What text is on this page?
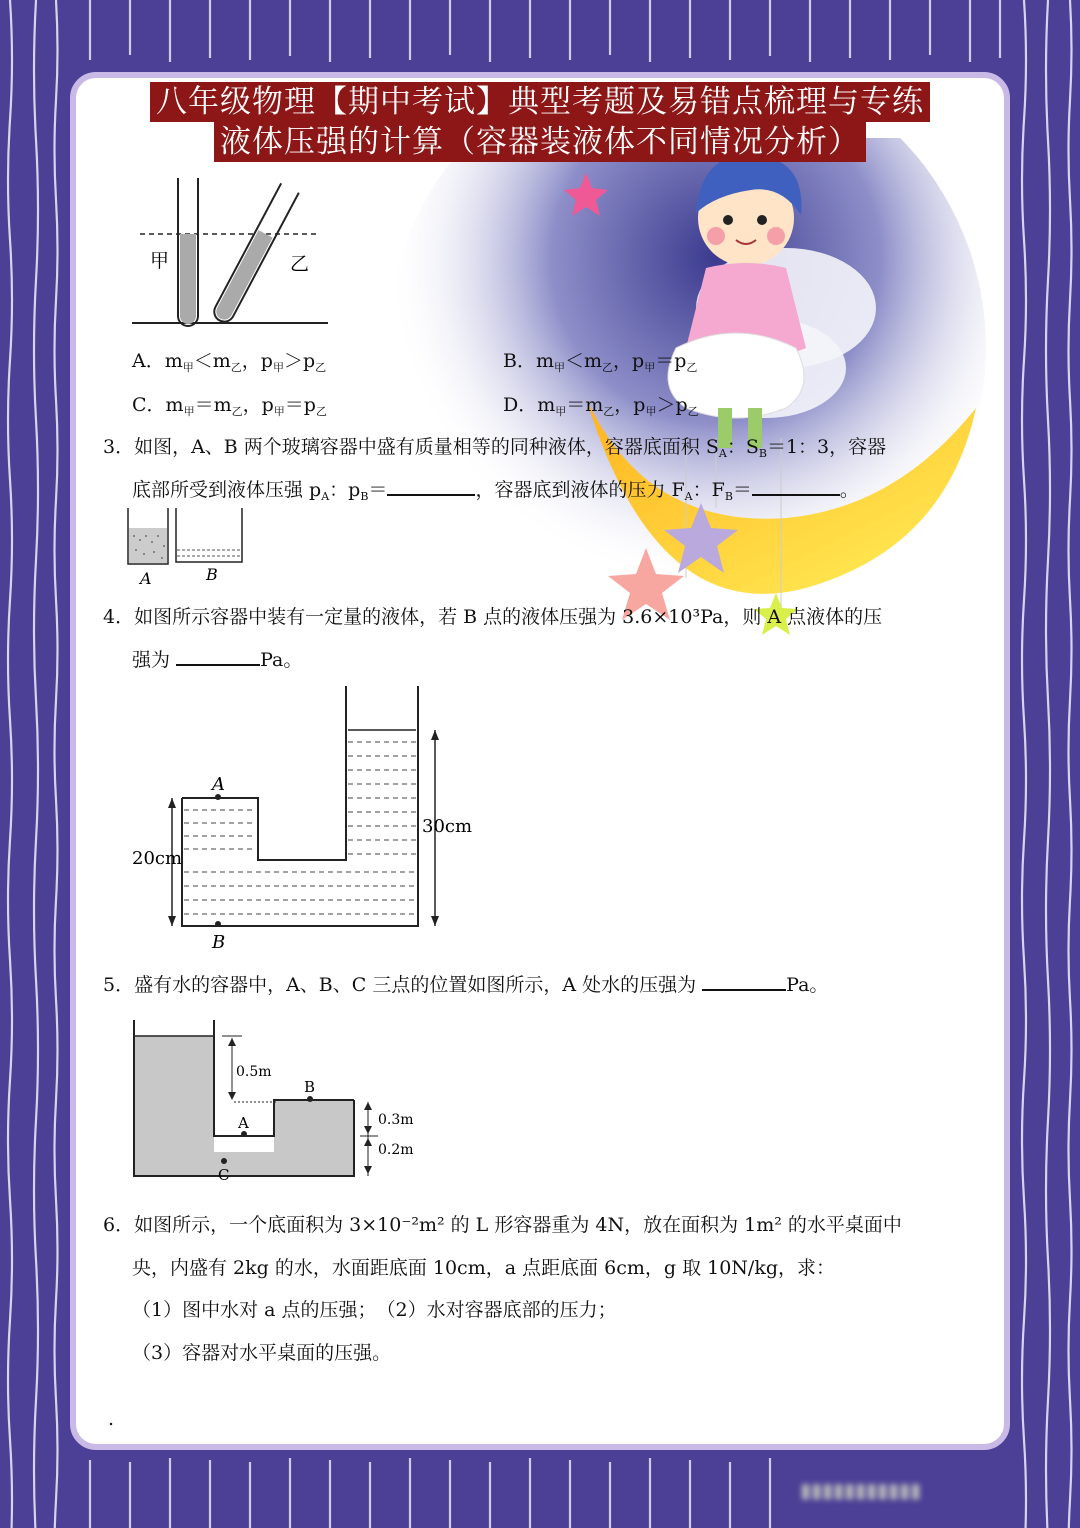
八年级物理【期中考试】典型考题及易错点梳理与专练
液体压强的计算（容器装液体不同情况分析）
甲	乙
A．$m_甲<m_乙$，$p_甲>p_乙$	B．$m_甲<m_乙$，$p_甲=p_乙$
C．$m_甲=m_乙$，$p_甲=p_乙$	D．$m_甲=m_乙$，$p_甲>p_乙$
3．如图，A、B 两个玻璃容器中盛有质量相等的同种液体，容器底面积 $S_A$：$S_B=1$：3，容器
底部所受到液体压强 $p_A$：$p_B=$	，容器底到液体的压力 $F_A$：$F_B=$	。
A	B
4．如图所示容器中装有一定量的液体，若 B 点的液体压强为 3.6×10³Pa，则 A 点液体的压
强为	Pa。
A
B
20cm
30cm
5．盛有水的容器中，A、B、C 三点的位置如图所示，A 处水的压强为	Pa。
0.5m
A
B
C
0.3m
0.2m
6．如图所示，一个底面积为 3×10⁻²m² 的 L 形容器重为 4N，放在面积为 1m² 的水平桌面中
央，内盛有 2kg 的水，水面距底面 10cm，a 点距底面 6cm，g 取 10N/kg，求：
（1）图中水对 a 点的压强；　（2）水对容器底部的压力；
（3）容器对水平桌面的压强。
.
▮▮▮▮▮▮▮▮▮▮▮
